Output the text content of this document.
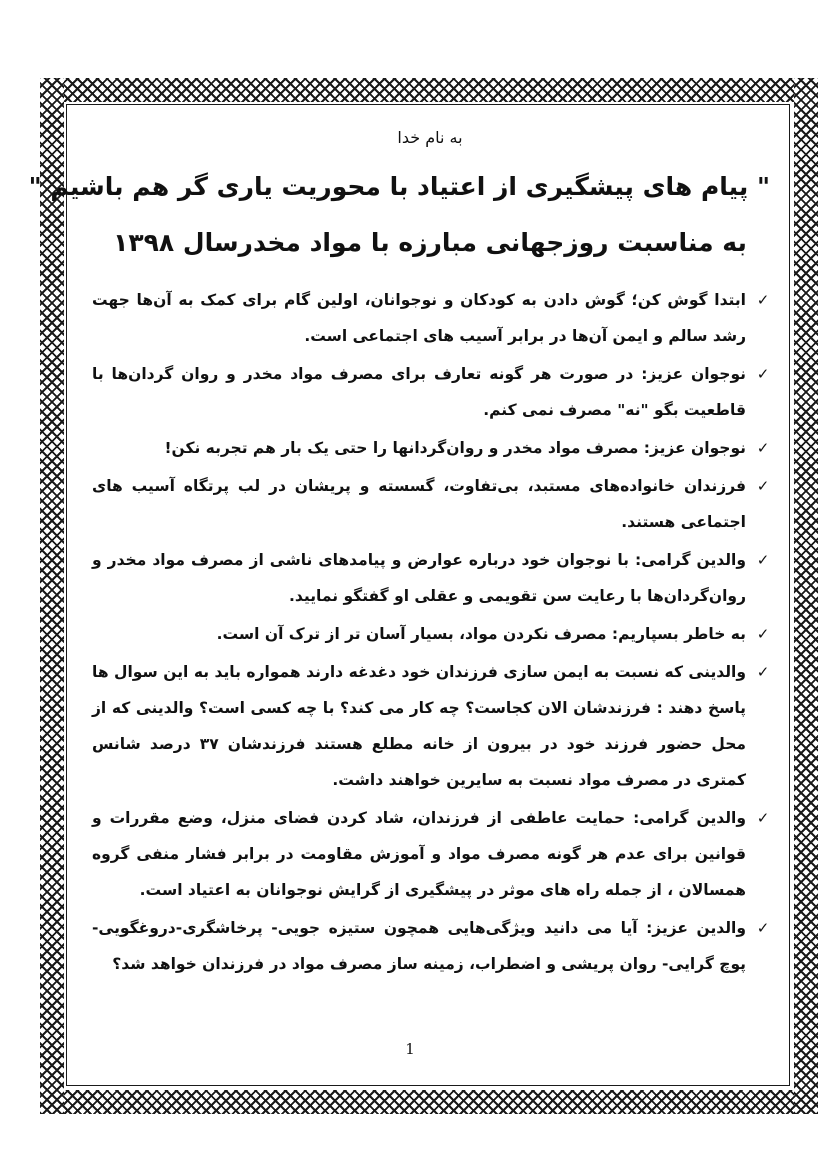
به نام خدا
" پیام های پیشگیری از اعتیاد با محوریت یاری گر هم باشیم "
به مناسبت روزجهانی مبارزه با مواد مخدرسال ۱۳۹۸
✓
ابتدا گوش کن؛ گوش دادن به کودکان و نوجوانان، اولین گام برای کمک به آن‌ها جهت رشد سالم و ایمن آن‌ها در برابر آسیب های اجتماعی است.
✓
نوجوان عزیز: در صورت هر گونه تعارف برای مصرف مواد مخدر و روان گردان‌ها با قاطعیت بگو "نه" مصرف نمی کنم.
✓
نوجوان عزیز: مصرف مواد مخدر و روان‌گردانها را حتی یک بار هم تجربه نکن!
✓
فرزندان خانواده‌های مستبد، بی‌تفاوت، گسسته و پریشان در لب پرتگاه آسیب های اجتماعی هستند.
✓
والدین گرامی: با نوجوان خود درباره عوارض و پیامدهای ناشی از مصرف مواد مخدر و روان‌گردان‌ها با رعایت سن تقویمی و عقلی او گفتگو نمایید.
✓
به خاطر بسپاریم: مصرف نکردن مواد، بسیار آسان تر از ترک آن است.
✓
والدینی که نسبت به ایمن سازی فرزندان خود دغدغه دارند همواره باید به این سوال ها پاسخ دهند : فرزندشان الان کجاست؟ چه کار می کند؟ با چه کسی است؟ والدینی که از محل حضور فرزند خود در بیرون از خانه مطلع هستند فرزندشان ۳۷ درصد شانس کمتری در مصرف مواد نسبت به سایرین خواهند داشت.
✓
والدین گرامی: حمایت عاطفی از فرزندان، شاد کردن فضای منزل، وضع مقررات و قوانین برای عدم هر گونه مصرف مواد و آموزش مقاومت در برابر فشار منفی گروه همسالان ، از جمله راه های موثر در پیشگیری از گرایش نوجوانان به اعتیاد است.
✓
والدین عزیز: آیا می دانید ویژگی‌هایی همچون ستیزه جویی- پرخاشگری-دروغگویی- پوچ گرایی- روان پریشی و اضطراب، زمینه ساز مصرف مواد در فرزندان خواهد شد؟
1
